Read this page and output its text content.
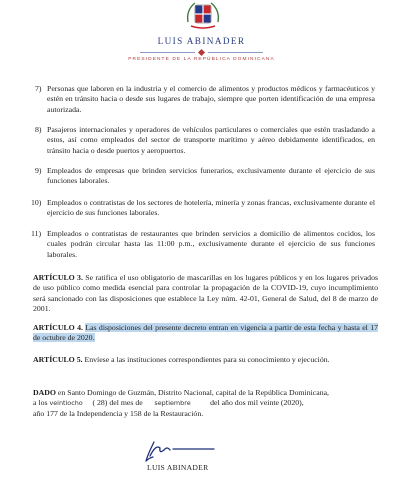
LUIS ABINADER
PRESIDENTE DE LA REPÚBLICA DOMINICANA
7) Personas que laboren en la industria y el comercio de alimentos y productos médicos y farmacéuticos y estén en tránsito hacia o desde sus lugares de trabajo, siempre que porten identificación de una empresa autorizada.
8) Pasajeros internacionales y operadores de vehículos particulares o comerciales que estén trasladando a estos, así como empleados del sector de transporte marítimo y aéreo debidamente identificados, en tránsito hacia o desde puertos y aeropuertos.
9) Empleados de empresas que brinden servicios funerarios, exclusivamente durante el ejercicio de sus funciones laborales.
10) Empleados o contratistas de los sectores de hotelería, minería y zonas francas, exclusivamente durante el ejercicio de sus funciones laborales.
11) Empleados o contratistas de restaurantes que brinden servicios a domicilio de alimentos cocidos, los cuales podrán circular hasta las 11:00 p.m., exclusivamente durante el ejercicio de sus funciones laborales.
ARTÍCULO 3. Se ratifica el uso obligatorio de mascarillas en los lugares públicos y en los lugares privados de uso público como medida esencial para controlar la propagación de la COVID-19, cuyo incumplimiento será sancionado con las disposiciones que establece la Ley núm. 42-01, General de Salud, del 8 de marzo de 2001.
ARTÍCULO 4. Las disposiciones del presente decreto entran en vigencia a partir de esta fecha y hasta el 17 de octubre de 2020.
ARTÍCULO 5. Envíese a las instituciones correspondientes para su conocimiento y ejecución.
DADO en Santo Domingo de Guzmán, Distrito Nacional, capital de la República Dominicana,
a los veintiocho ( 28) del mes de septiembre	del año dos mil veinte (2020),
año 177 de la Independencia y 158 de la Restauración.
LUIS ABINADER
